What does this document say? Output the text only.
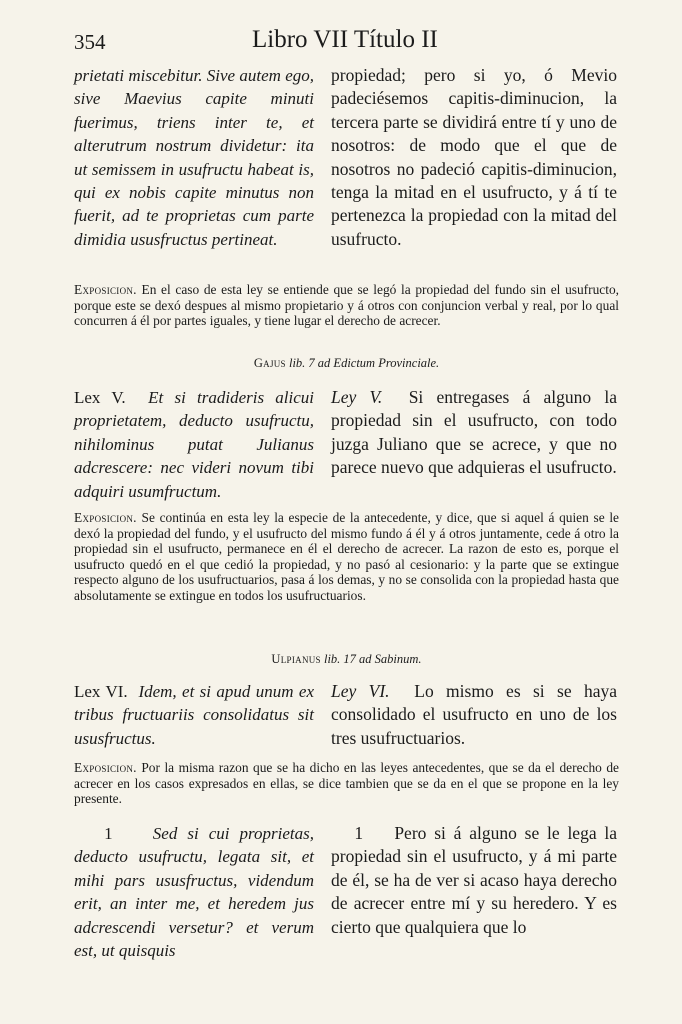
354	Libro VII Título II
prietati miscebitur. Sive autem ego, sive Maevius capite minuti fuerimus, triens inter te, et alterutrum nostrum dividetur: ita ut semissem in usufructu habeat is, qui ex nobis capite minutus non fuerit, ad te proprietas cum parte dimidia ususfructus pertineat.
propiedad; pero si yo, ó Mevio padeciésemos capitis-diminucion, la tercera parte se dividirá entre tí y uno de nosotros: de modo que el que de nosotros no padeció capitis-diminucion, tenga la mitad en el usufructo, y á tí te pertenezca la propiedad con la mitad del usufructo.
Exposicion. En el caso de esta ley se entiende que se legó la propiedad del fundo sin el usufructo, porque este se dexó despues al mismo propietario y á otros con conjuncion verbal y real, por lo qual concurren á él por partes iguales, y tiene lugar el derecho de acrecer.
Gajus lib. 7 ad Edictum Provinciale.
Lex V. Et si tradideris alicui proprietatem, deducto usufructu, nihilominus putat Julianus adcrescere: nec videri novum tibi adquiri usumfructum.
Ley V. Si entregases á alguno la propiedad sin el usufructo, con todo juzga Juliano que se acrece, y que no parece nuevo que adquieras el usufructo.
Exposicion. Se continúa en esta ley la especie de la antecedente, y dice, que si aquel á quien se le dexó la propiedad del fundo, y el usufructo del mismo fundo á él y á otros juntamente, cede á otro la propiedad sin el usufructo, permanece en él el derecho de acrecer. La razon de esto es, porque el usufructo quedó en el que cedió la propiedad, y no pasó al cesionario: y la parte que se extingue respecto alguno de los usufructuarios, pasa á los demas, y no se consolida con la propiedad hasta que absolutamente se extingue en todos los usufructuarios.
Ulpianus lib. 17 ad Sabinum.
Lex VI. Idem, et si apud unum ex tribus fructuariis consolidatus sit ususfructus.
Ley VI. Lo mismo es si se haya consolidado el usufructo en uno de los tres usufructuarios.
Exposicion. Por la misma razon que se ha dicho en las leyes antecedentes, que se da el derecho de acrecer en los casos expresados en ellas, se dice tambien que se da en el que se propone en la ley presente.
1 Sed si cui proprietas, deducto usufructu, legata sit, et mihi pars ususfructus, videndum erit, an inter me, et heredem jus adcrescendi versetur? et verum est, ut quisquis
1 Pero si á alguno se le lega la propiedad sin el usufructo, y á mi parte de él, se ha de ver si acaso haya derecho de acrecer entre mí y su heredero. Y es cierto que qualquiera que lo
